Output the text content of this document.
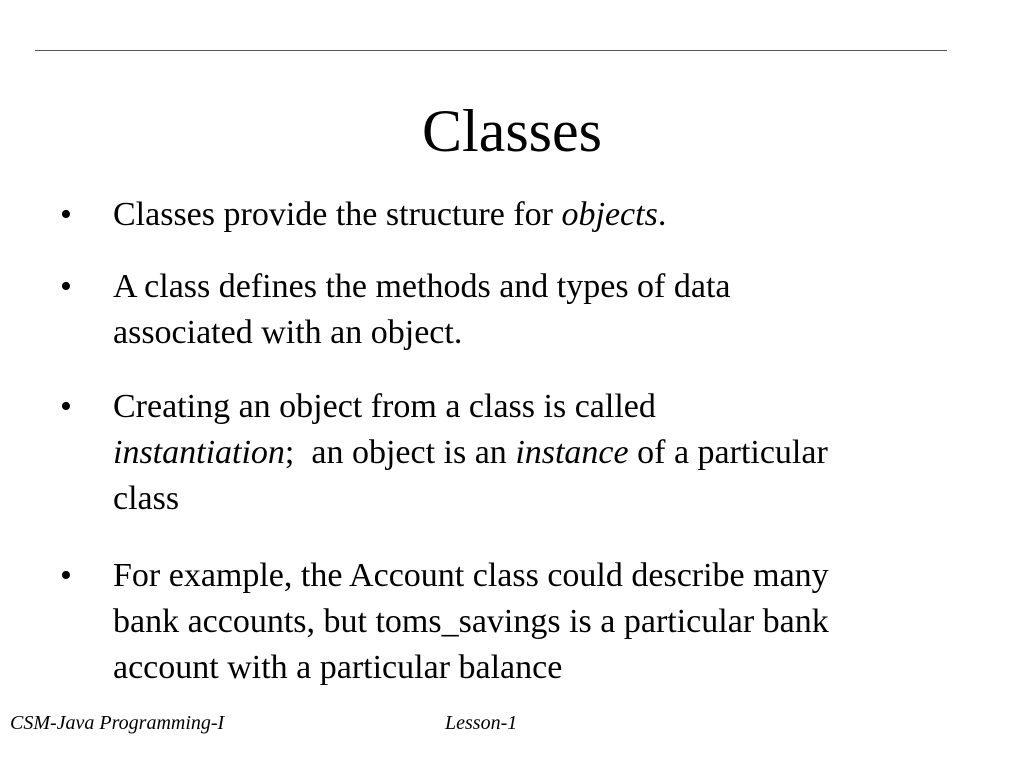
Classes
• Classes provide the structure for objects.
• A class defines the methods and types of data
associated with an object.
• Creating an object from a class is called
instantiation;  an object is an instance of a particular
class
• For example, the Account class could describe many
bank accounts, but toms_savings is a particular bank
account with a particular balance
CSM-Java Programming-I	Lesson-1
